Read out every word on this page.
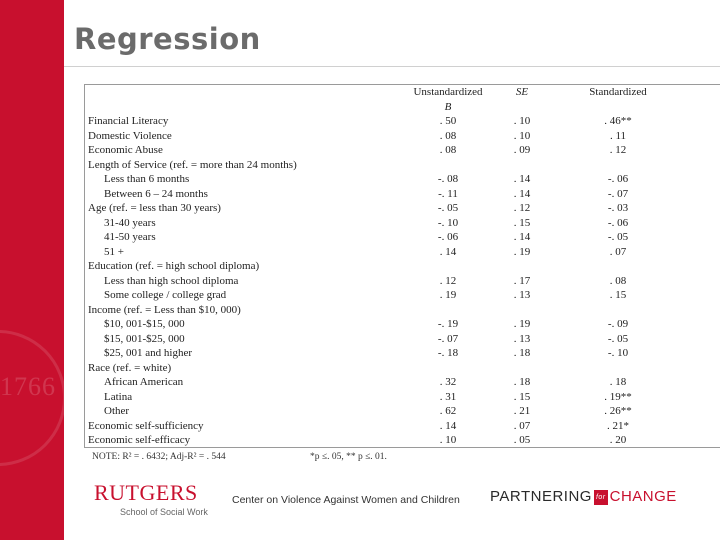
1766
Regression
Unstandardized
B
SE	Standardized
Financial Literacy	. 50	. 10	. 46**
Domestic Violence	. 08	. 10	. 11
Economic Abuse	. 08	. 09	. 12
Length of Service (ref. = more than 24 months)
Less than 6 months	-. 08	. 14	-. 06
Between 6 – 24 months	-. 11	. 14	-. 07
Age (ref. = less than 30 years)	-. 05	. 12	-. 03
31-40 years	-. 10	. 15	-. 06
41-50 years	-. 06	. 14	-. 05
51 +	. 14	. 19	. 07
Education (ref. = high school diploma)
Less than high school diploma	. 12	. 17	. 08
Some college / college grad	. 19	. 13	. 15
Income (ref. = Less than $10, 000)
$10, 001-$15, 000	-. 19	. 19	-. 09
$15, 001-$25, 000	-. 07	. 13	-. 05
$25, 001 and higher	-. 18	. 18	-. 10
Race (ref. = white)
African American	. 32	. 18	. 18
Latina	. 31	. 15	. 19**
Other	. 62	. 21	. 26**
Economic self-sufficiency	. 14	. 07	. 21*
Economic self-efficacy	. 10	. 05	. 20
NOTE: R² = . 6432; Adj-R² = . 544	*p ≤. 05, ** p ≤. 01.
RUTGERS
School of Social Work
Center on Violence Against Women and Children PARTNERING for CHANGE
